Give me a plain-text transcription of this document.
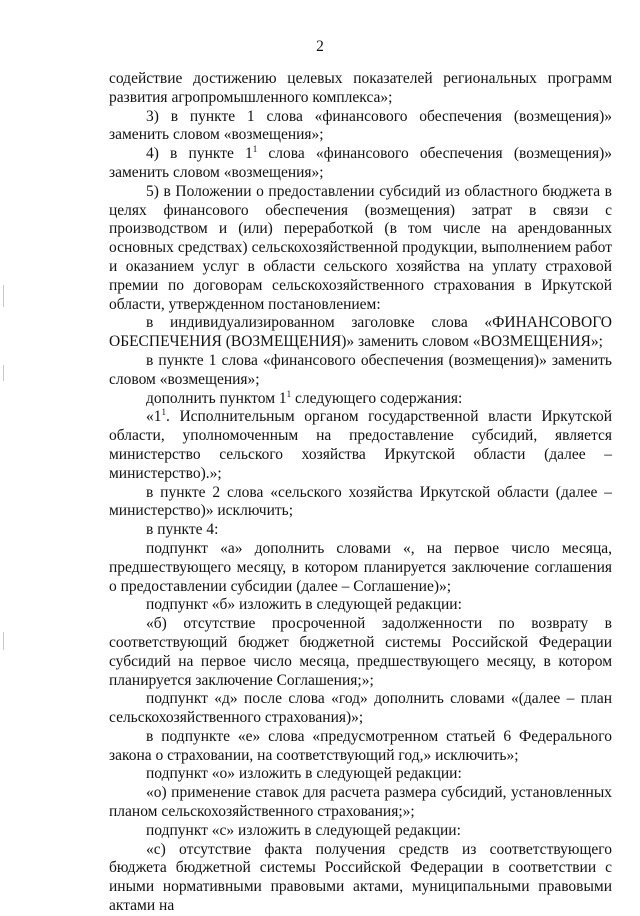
2

содействие достижению целевых показателей региональных программ развития агропромышленного комплекса»;

3) в пункте 1 слова «финансового обеспечения (возмещения)» заменить словом «возмещения»;

4) в пункте $1^1$ слова «финансового обеспечения (возмещения)» заменить словом «возмещения»;

5) в Положении о предоставлении субсидий из областного бюджета в целях финансового обеспечения (возмещения) затрат в связи с производством и (или) переработкой (в том числе на арендованных основных средствах) сельскохозяйственной продукции, выполнением работ и оказанием услуг в области сельского хозяйства на уплату страховой премии по договорам сельскохозяйственного страхования в Иркутской области, утвержденном постановлением:

в индивидуализированном заголовке слова «ФИНАНСОВОГО ОБЕСПЕЧЕНИЯ (ВОЗМЕЩЕНИЯ)» заменить словом «ВОЗМЕЩЕНИЯ»;

в пункте 1 слова «финансового обеспечения (возмещения)» заменить словом «возмещения»;

дополнить пунктом $1^1$ следующего содержания:

«$1^1$. Исполнительным органом государственной власти Иркутской области, уполномоченным на предоставление субсидий, является министерство сельского хозяйства Иркутской области (далее – министерство).»;

в пункте 2 слова «сельского хозяйства Иркутской области (далее – министерство)» исключить;

в пункте 4:

подпункт «а» дополнить словами «, на первое число месяца, предшествующего месяцу, в котором планируется заключение соглашения о предоставлении субсидии (далее – Соглашение)»;

подпункт «б» изложить в следующей редакции:

«б) отсутствие просроченной задолженности по возврату в соответствующий бюджет бюджетной системы Российской Федерации субсидий на первое число месяца, предшествующего месяцу, в котором планируется заключение Соглашения;»;

подпункт «д» после слова «год» дополнить словами «(далее – план сельскохозяйственного страхования)»;

в подпункте «е» слова «предусмотренном статьей 6 Федерального закона о страховании, на соответствующий год,» исключить»;

подпункт «о» изложить в следующей редакции:

«о) применение ставок для расчета размера субсидий, установленных планом сельскохозяйственного страхования;»;

подпункт «с» изложить в следующей редакции:

«с) отсутствие факта получения средств из соответствующего бюджета бюджетной системы Российской Федерации в соответствии с иными нормативными правовыми актами, муниципальными правовыми актами на
